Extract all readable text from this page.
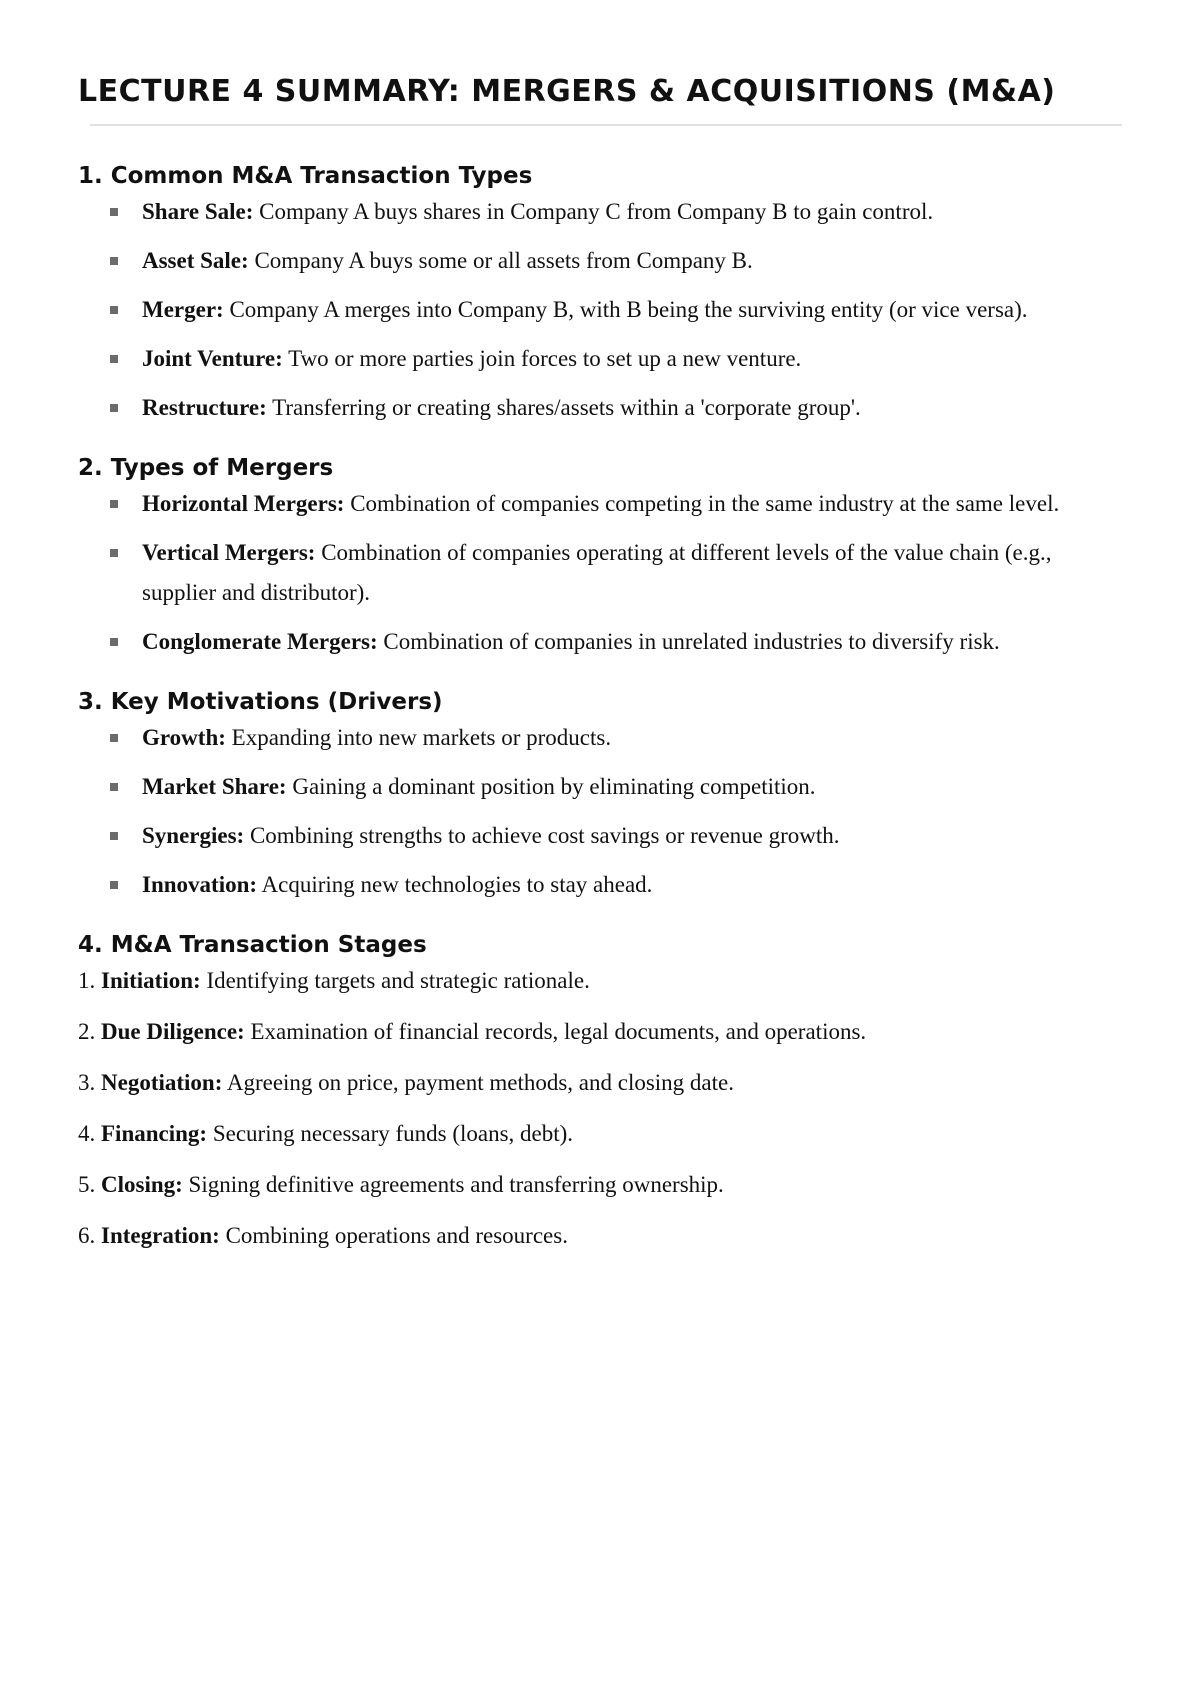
LECTURE 4 SUMMARY: MERGERS & ACQUISITIONS (M&A)
1. Common M&A Transaction Types
Share Sale: Company A buys shares in Company C from Company B to gain control.
Asset Sale: Company A buys some or all assets from Company B.
Merger: Company A merges into Company B, with B being the surviving entity (or vice versa).
Joint Venture: Two or more parties join forces to set up a new venture.
Restructure: Transferring or creating shares/assets within a 'corporate group'.
2. Types of Mergers
Horizontal Mergers: Combination of companies competing in the same industry at the same level.
Vertical Mergers: Combination of companies operating at different levels of the value chain (e.g., supplier and distributor).
Conglomerate Mergers: Combination of companies in unrelated industries to diversify risk.
3. Key Motivations (Drivers)
Growth: Expanding into new markets or products.
Market Share: Gaining a dominant position by eliminating competition.
Synergies: Combining strengths to achieve cost savings or revenue growth.
Innovation: Acquiring new technologies to stay ahead.
4. M&A Transaction Stages
1. Initiation: Identifying targets and strategic rationale.
2. Due Diligence: Examination of financial records, legal documents, and operations.
3. Negotiation: Agreeing on price, payment methods, and closing date.
4. Financing: Securing necessary funds (loans, debt).
5. Closing: Signing definitive agreements and transferring ownership.
6. Integration: Combining operations and resources.
